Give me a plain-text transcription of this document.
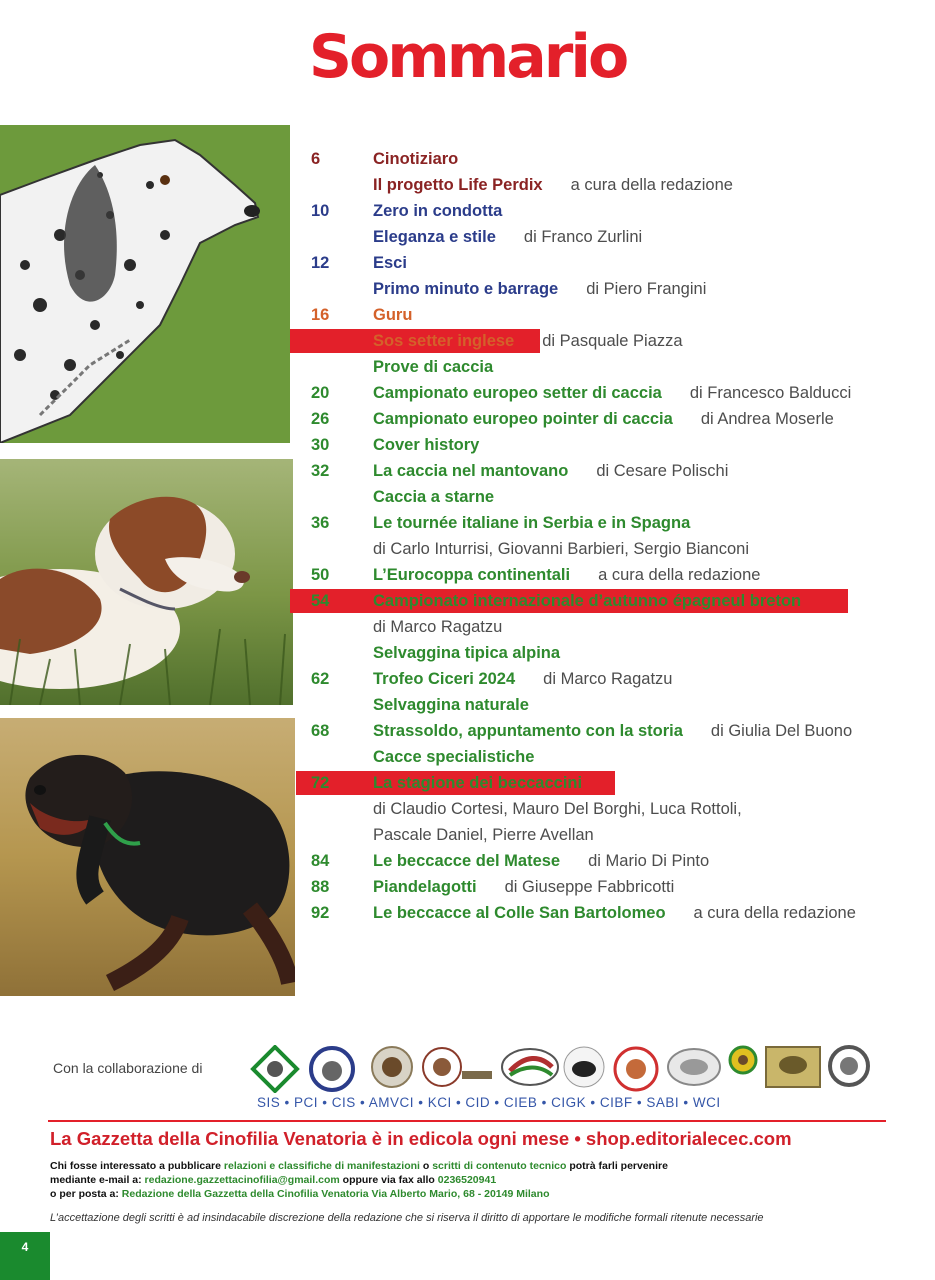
Sommario
6	Cinotiziaro
Il progetto Life Perdix a cura della redazione
10	Zero in condotta
Eleganza e stile di Franco Zurlini
12	Esci
Primo minuto e barrage di Piero Frangini
16	Guru
Sos setter inglese di Pasquale Piazza
Prove di caccia
20	Campionato europeo setter di caccia di Francesco Balducci
26	Campionato europeo pointer di caccia di Andrea Moserle
30	Cover history
32	La caccia nel mantovano di Cesare Polischi
Caccia a starne
36	Le tournée italiane in Serbia e in Spagna
di Carlo Inturrisi, Giovanni Barbieri, Sergio Bianconi
50	L’Eurocoppa continentali a cura della redazione
54	Campionato internazionale d’autunno épagneul breton
di Marco Ragatzu
Selvaggina tipica alpina
62	Trofeo Ciceri 2024 di Marco Ragatzu
Selvaggina naturale
68	Strassoldo, appuntamento con la storia di Giulia Del Buono
Cacce specialistiche
72	La stagione dei beccaccini
di Claudio Cortesi, Mauro Del Borghi, Luca Rottoli,
Pascale Daniel, Pierre Avellan
84	Le beccacce del Matese di Mario Di Pinto
88	Piandelagotti di Giuseppe Fabbricotti
92	Le beccacce al Colle San Bartolomeo a cura della redazione
Con la collaborazione di
SIS • PCI • CIS • AMVCI • KCI • CID • CIEB • CIGK • CIBF • SABI • WCI
La Gazzetta della Cinofilia Venatoria è in edicola ogni mese • shop.editorialecec.com
Chi fosse interessato a pubblicare relazioni e classifiche di manifestazioni o scritti di contenuto tecnico potrà farli pervenire
mediante e-mail a: redazione.gazzettacinofilia@gmail.com oppure via fax allo 0236520941
o per posta a: Redazione della Gazzetta della Cinofilia Venatoria Via Alberto Mario, 68 - 20149 Milano
L’accettazione degli scritti è ad insindacabile discrezione della redazione che si riserva il diritto di apportare le modifiche formali ritenute necessarie
4
